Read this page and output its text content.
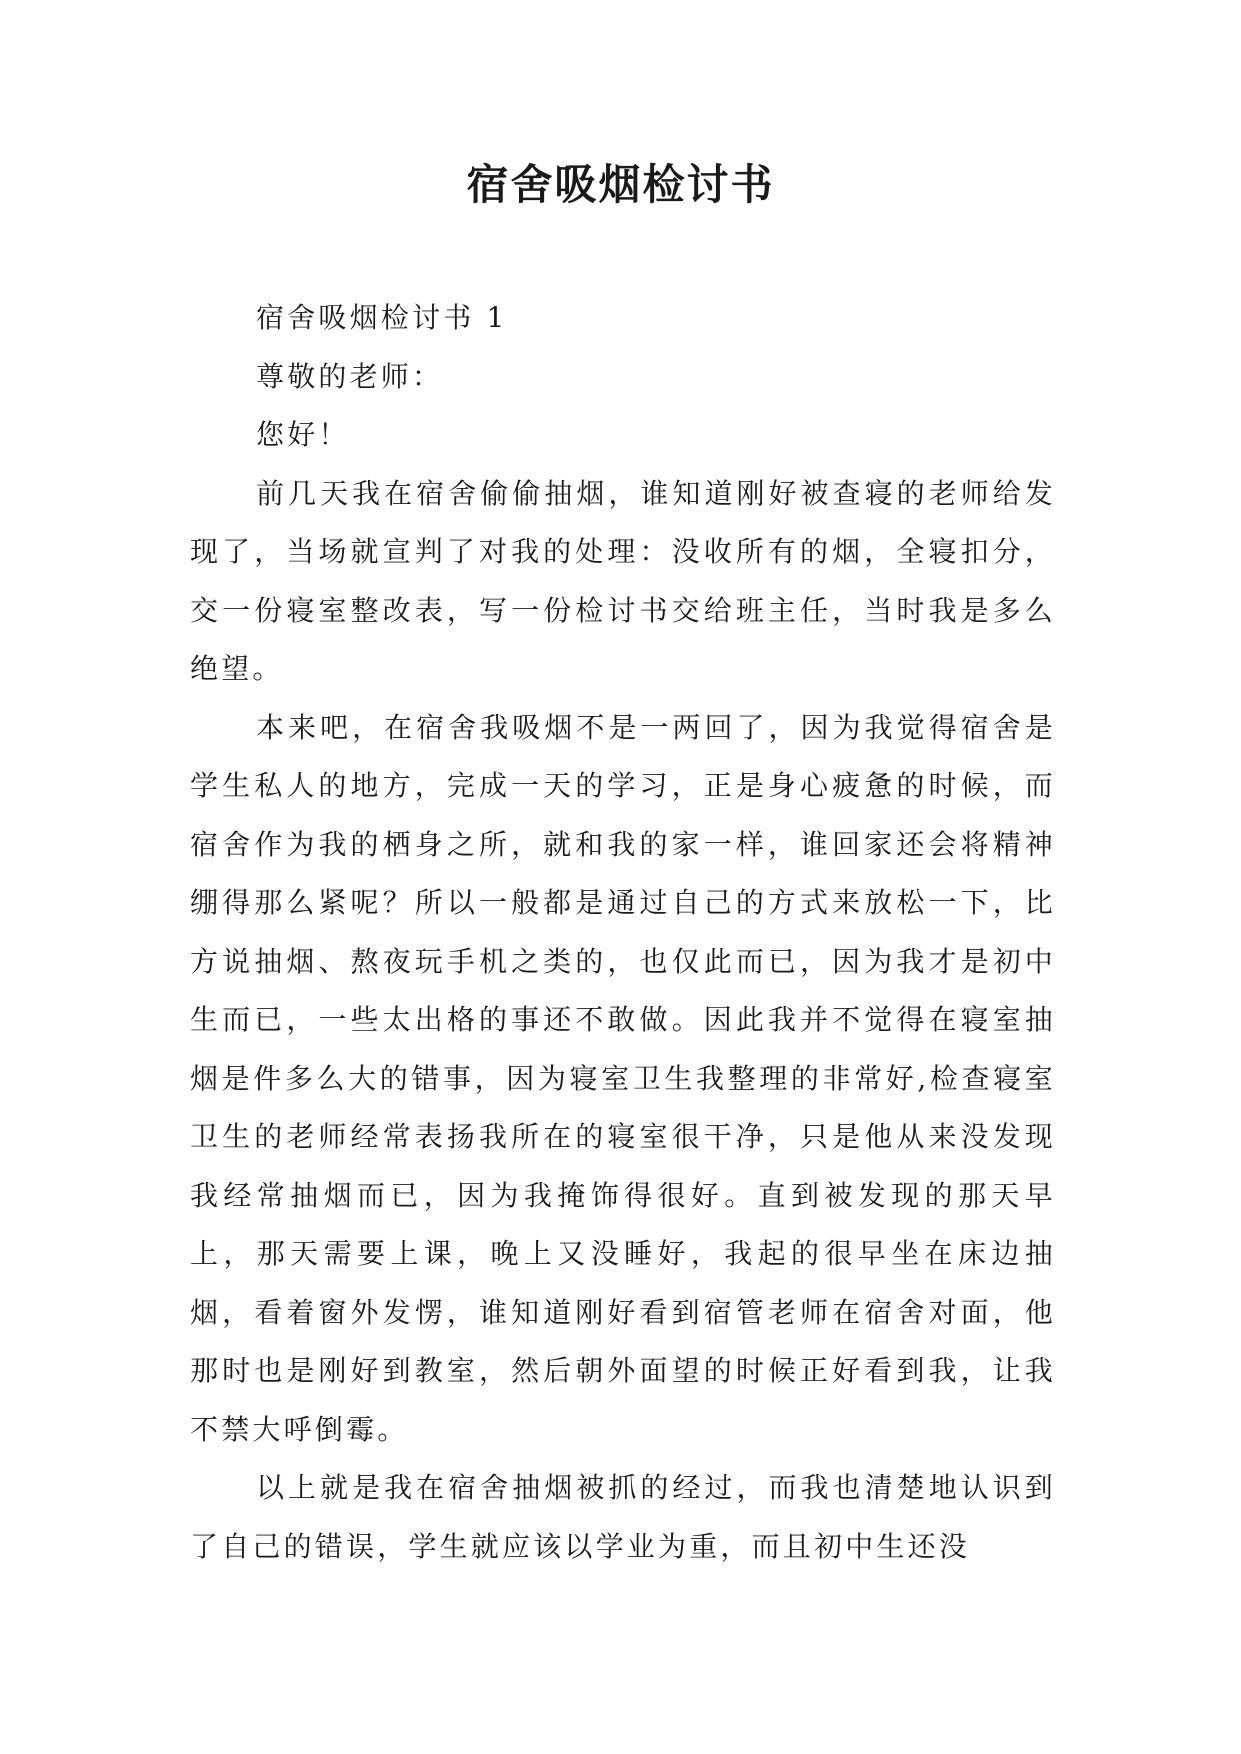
宿舍吸烟检讨书

宿舍吸烟检讨书 1

尊敬的老师：

您好！

前几天我在宿舍偷偷抽烟，谁知道刚好被查寝的老师给发现了，当场就宣判了对我的处理：没收所有的烟，全寝扣分，交一份寝室整改表，写一份检讨书交给班主任，当时我是多么绝望。

本来吧，在宿舍我吸烟不是一两回了，因为我觉得宿舍是学生私人的地方，完成一天的学习，正是身心疲惫的时候，而宿舍作为我的栖身之所，就和我的家一样，谁回家还会将精神绷得那么紧呢？所以一般都是通过自己的方式来放松一下，比方说抽烟、熬夜玩手机之类的，也仅此而已，因为我才是初中生而已，一些太出格的事还不敢做。因此我并不觉得在寝室抽烟是件多么大的错事，因为寝室卫生我整理的非常好,检查寝室卫生的老师经常表扬我所在的寝室很干净，只是他从来没发现我经常抽烟而已，因为我掩饰得很好。直到被发现的那天早上，那天需要上课，晚上又没睡好，我起的很早坐在床边抽烟，看着窗外发愣，谁知道刚好看到宿管老师在宿舍对面，他那时也是刚好到教室，然后朝外面望的时候正好看到我，让我不禁大呼倒霉。

以上就是我在宿舍抽烟被抓的经过，而我也清楚地认识到了自己的错误，学生就应该以学业为重，而且初中生还没
